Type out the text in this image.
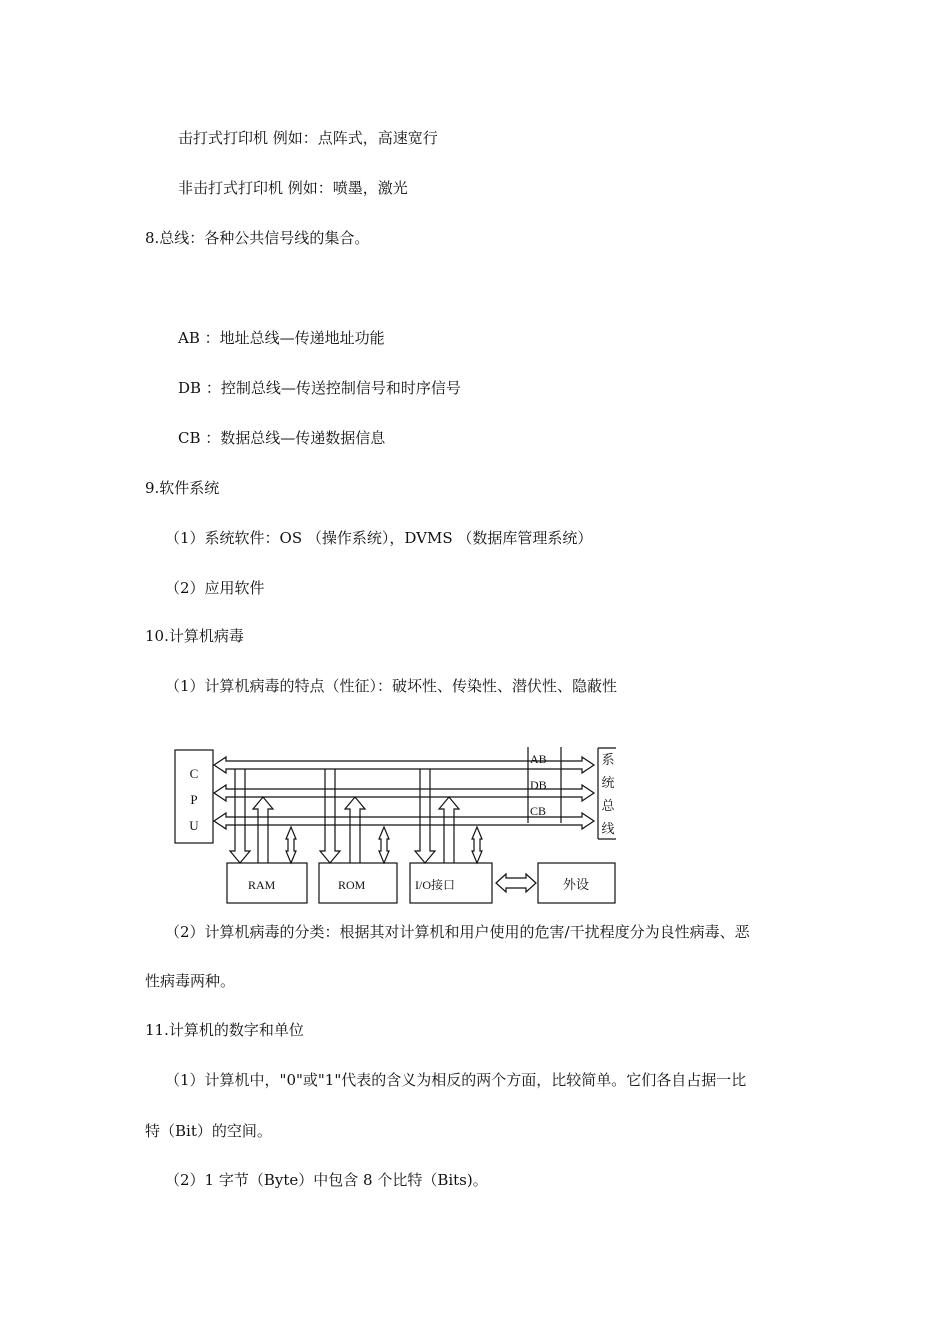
击打式打印机 例如：点阵式，高速宽行
非击打式打印机 例如：喷墨，激光
8.总线：各种公共信号线的集合。
AB ：地址总线—传递地址功能
DB ：控制总线—传送控制信号和时序信号
CB ：数据总线—传递数据信息
9.软件系统
（1）系统软件：OS （操作系统），DVMS （数据库管理系统）
（2）应用软件
10.计算机病毒
（1）计算机病毒的特点（性征）：破坏性、传染性、潜伏性、隐蔽性
（2）计算机病毒的分类：根据其对计算机和用户使用的危害/干扰程度分为良性病毒、恶
性病毒两种。
11.计算机的数字和单位
（1）计算机中，"0"或"1"代表的含义为相反的两个方面，比较简单。它们各自占据一比
特（Bit）的空间。
（2）1 字节（Byte）中包含 8 个比特（Bits)。
C
P
U
AB
DB
CB
系
统
总
线
RAM	ROM	I/O接口	外设
